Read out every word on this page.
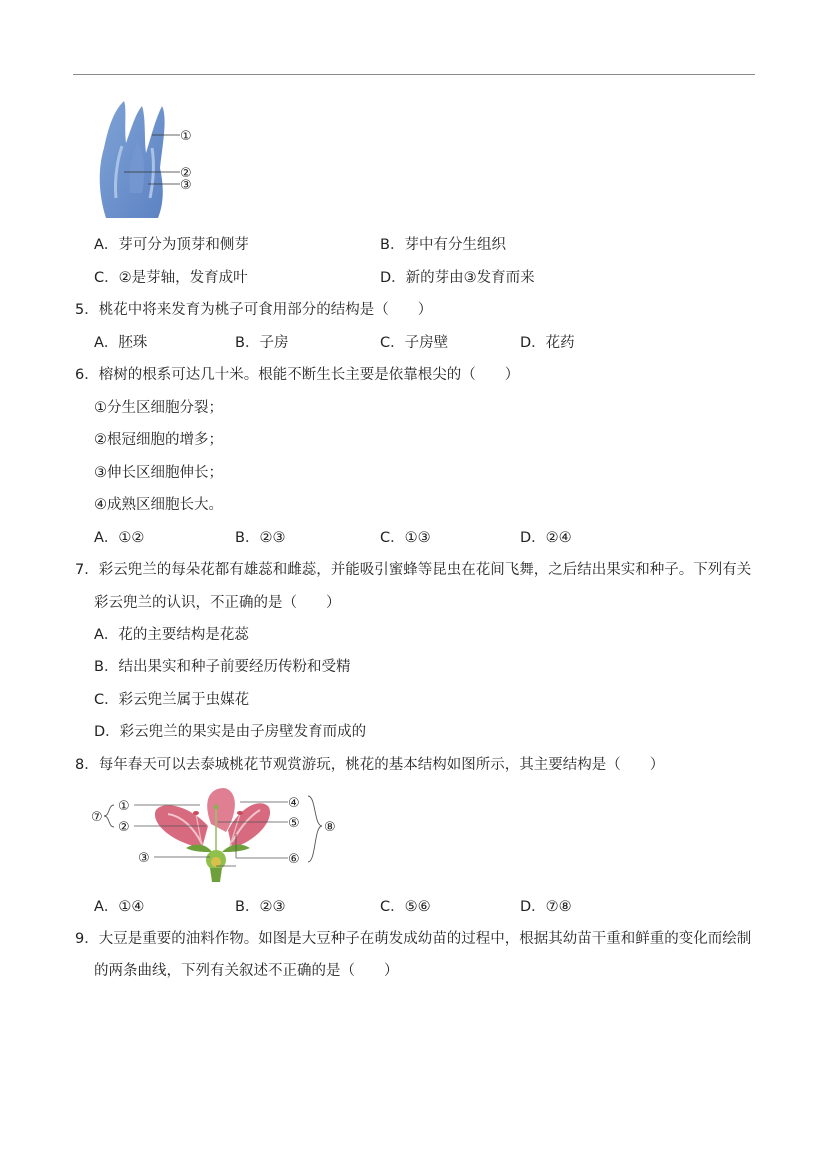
①
②
③
A．芽可分为顶芽和侧芽	B．芽中有分生组织
C．②是芽轴，发育成叶	D．新的芽由③发育而来
5．桃花中将来发育为桃子可食用部分的结构是（　　）
A．胚珠	B．子房	C．子房壁	D．花药
6．榕树的根系可达几十米。根能不断生长主要是依靠根尖的（　　）
①分生区细胞分裂；
②根冠细胞的增多；
③伸长区细胞伸长；
④成熟区细胞长大。
A．①②	B．②③	C．①③	D．②④
7．彩云兜兰的每朵花都有雄蕊和雌蕊，并能吸引蜜蜂等昆虫在花间飞舞，之后结出果实和种子。下列有关
彩云兜兰的认识，不正确的是（　　）
A．花的主要结构是花蕊
B．结出果实和种子前要经历传粉和受精
C．彩云兜兰属于虫媒花
D．彩云兜兰的果实是由子房壁发育而成的
8．每年春天可以去泰城桃花节观赏游玩，桃花的基本结构如图所示，其主要结构是（　　）
①
②
③
④
⑤
⑥
⑦
⑧
A．①④	B．②③	C．⑤⑥	D．⑦⑧
9．大豆是重要的油料作物。如图是大豆种子在萌发成幼苗的过程中，根据其幼苗干重和鲜重的变化而绘制
的两条曲线，下列有关叙述不正确的是（　　）
